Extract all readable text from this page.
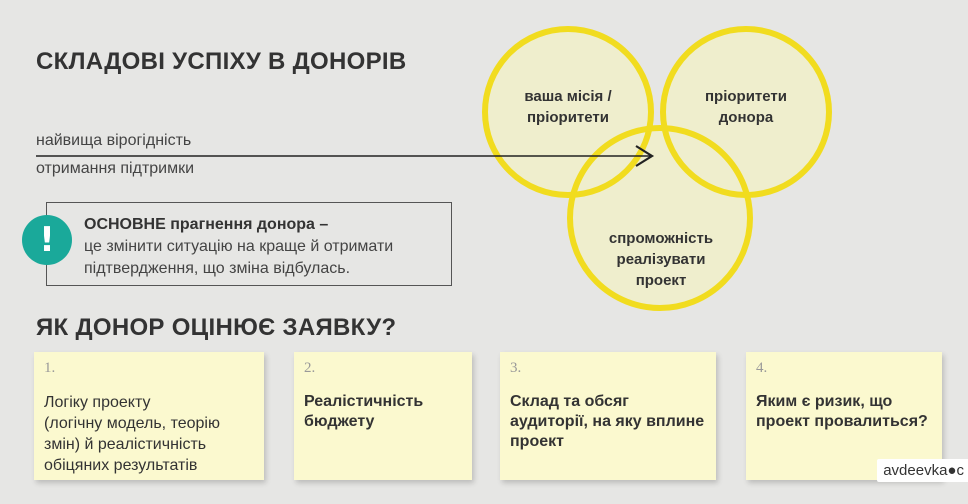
СКЛАДОВІ УСПІХУ В ДОНОРІВ
найвища вірогідність
отримання підтримки
ваша місія /
пріоритети
пріоритети
донора
спроможність
реалізувати
проект
!	ОСНОВНЕ прагнення донора –
це змінити ситуацію на краще й отримати підтвердження, що зміна відбулась.
ЯК ДОНОР ОЦІНЮЄ ЗАЯВКУ?
1.
Логіку проекту
(логічну модель, теорію змін) й реалістичність обіцяних результатів
2.
Реалістичність бюджету
3.
Склад та обсяг аудиторії, на яку вплине проект
4.
Яким є ризик, що проект провалиться?
avdeevka●c
